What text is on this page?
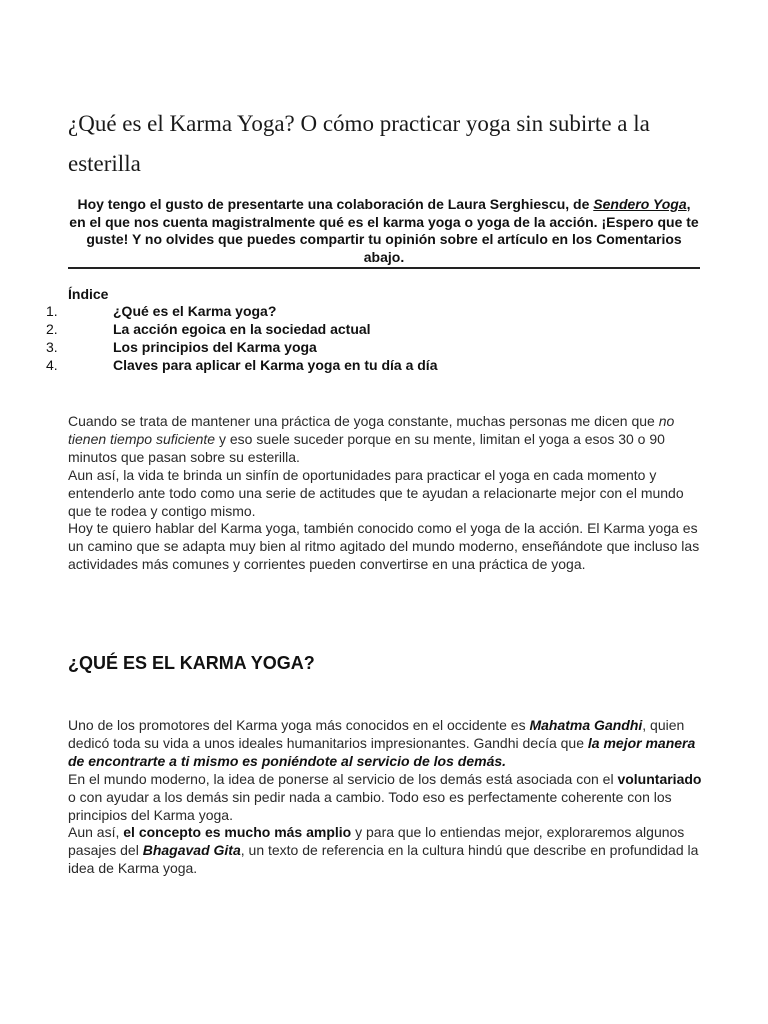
¿Qué es el Karma Yoga? O cómo practicar yoga sin subirte a la esterilla

Hoy tengo el gusto de presentarte una colaboración de Laura Serghiescu, de Sendero Yoga, en el que nos cuenta magistralmente qué es el karma yoga o yoga de la acción. ¡Espero que te guste! Y no olvides que puedes compartir tu opinión sobre el artículo en los Comentarios abajo.

Índice
1.	¿Qué es el Karma yoga?
2.	La acción egoica en la sociedad actual
3.	Los principios del Karma yoga
4.	Claves para aplicar el Karma yoga en tu día a día
Cuando se trata de mantener una práctica de yoga constante, muchas personas me dicen que no tienen tiempo suficiente y eso suele suceder porque en su mente, limitan el yoga a esos 30 o 90 minutos que pasan sobre su esterilla.
Aun así, la vida te brinda un sinfín de oportunidades para practicar el yoga en cada momento y entenderlo ante todo como una serie de actitudes que te ayudan a relacionarte mejor con el mundo que te rodea y contigo mismo.
Hoy te quiero hablar del Karma yoga, también conocido como el yoga de la acción. El Karma yoga es un camino que se adapta muy bien al ritmo agitado del mundo moderno, enseñándote que incluso las actividades más comunes y corrientes pueden convertirse en una práctica de yoga.
¿QUÉ ES EL KARMA YOGA?
Uno de los promotores del Karma yoga más conocidos en el occidente es Mahatma Gandhi, quien dedicó toda su vida a unos ideales humanitarios impresionantes. Gandhi decía que la mejor manera de encontrarte a ti mismo es poniéndote al servicio de los demás.
En el mundo moderno, la idea de ponerse al servicio de los demás está asociada con el voluntariado o con ayudar a los demás sin pedir nada a cambio. Todo eso es perfectamente coherente con los principios del Karma yoga.
Aun así, el concepto es mucho más amplio y para que lo entiendas mejor, exploraremos algunos pasajes del Bhagavad Gita, un texto de referencia en la cultura hindú que describe en profundidad la idea de Karma yoga.
